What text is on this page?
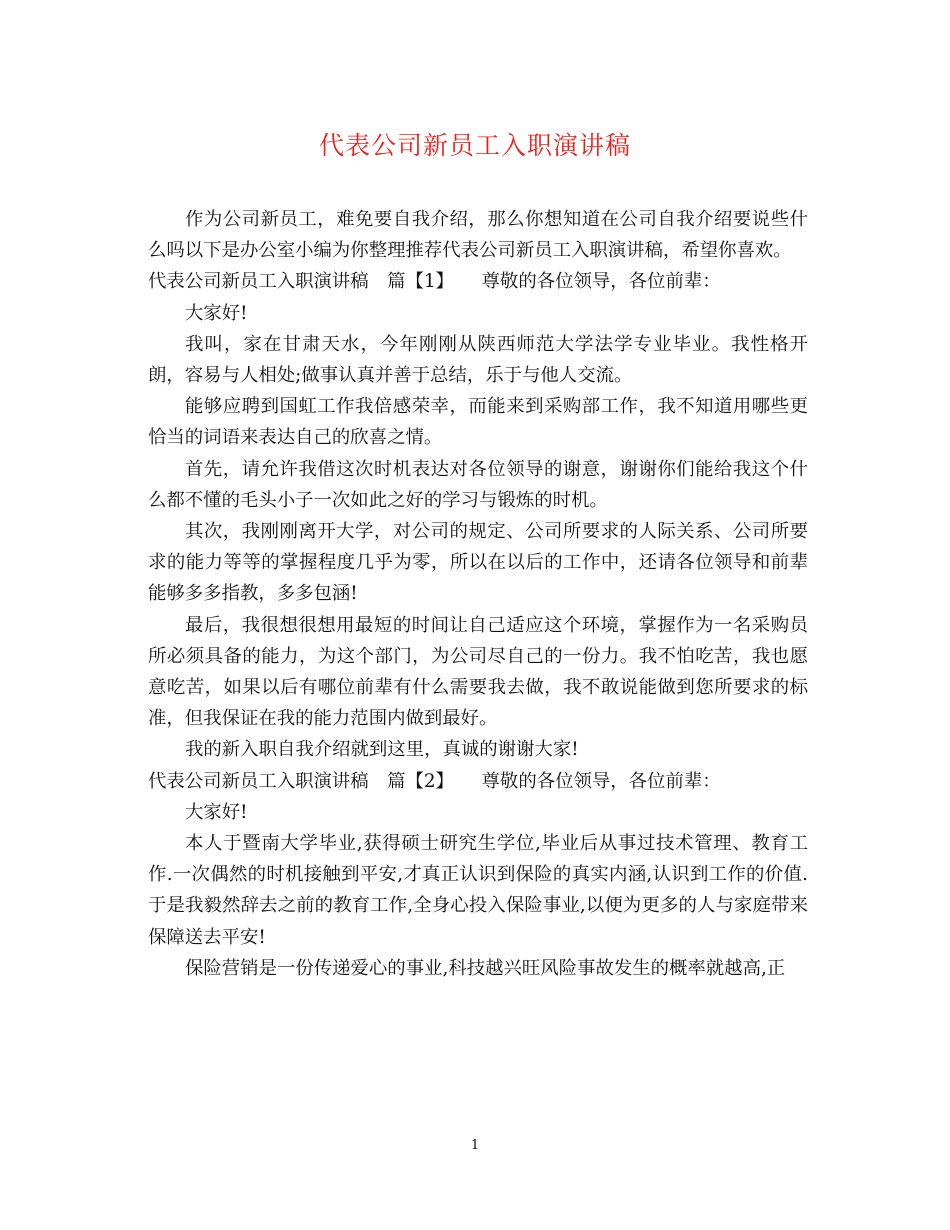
代表公司新员工入职演讲稿

作为公司新员工，难免要自我介绍，那么你想知道在公司自我介绍要说些什么吗以下是办公室小编为你整理推荐代表公司新员工入职演讲稿，希望你喜欢。

代表公司新员工入职演讲稿　篇【1】　　尊敬的各位领导，各位前辈：

大家好!

我叫，家在甘肃天水，今年刚刚从陕西师范大学法学专业毕业。我性格开朗，容易与人相处;做事认真并善于总结，乐于与他人交流。

能够应聘到国虹工作我倍感荣幸，而能来到采购部工作，我不知道用哪些更恰当的词语来表达自己的欣喜之情。

首先，请允许我借这次时机表达对各位领导的谢意，谢谢你们能给我这个什么都不懂的毛头小子一次如此之好的学习与锻炼的时机。

其次，我刚刚离开大学，对公司的规定、公司所要求的人际关系、公司所要求的能力等等的掌握程度几乎为零，所以在以后的工作中，还请各位领导和前辈能够多多指教，多多包涵!

最后，我很想很想用最短的时间让自己适应这个环境，掌握作为一名采购员所必须具备的能力，为这个部门，为公司尽自己的一份力。我不怕吃苦，我也愿意吃苦，如果以后有哪位前辈有什么需要我去做，我不敢说能做到您所要求的标准，但我保证在我的能力范围内做到最好。

我的新入职自我介绍就到这里，真诚的谢谢大家!

代表公司新员工入职演讲稿　篇【2】　　尊敬的各位领导，各位前辈：

大家好!

本人于暨南大学毕业,获得硕士研究生学位,毕业后从事过技术管理、教育工作.一次偶然的时机接触到平安,才真正认识到保险的真实内涵,认识到工作的价值.于是我毅然辞去之前的教育工作,全身心投入保险事业,以便为更多的人与家庭带来保障送去平安!

保险营销是一份传递爱心的事业,科技越兴旺风险事故发生的概率就越高,正

1
